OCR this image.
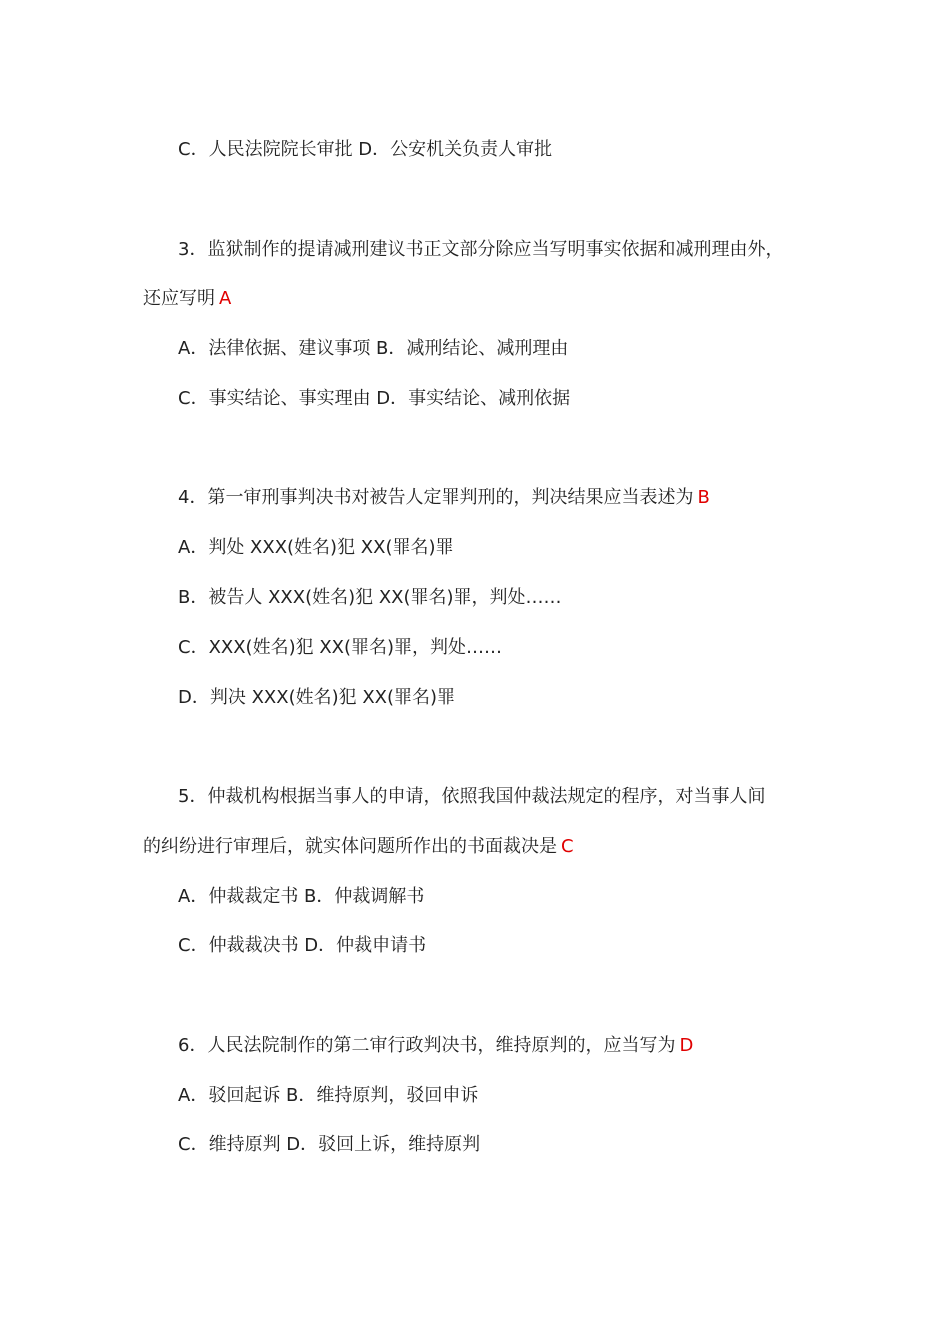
C．人民法院院长审批 D．公安机关负责人审批
3．监狱制作的提请减刑建议书正文部分除应当写明事实依据和减刑理由外，
还应写明 A
A．法律依据、建议事项 B．减刑结论、减刑理由
C．事实结论、事实理由 D．事实结论、减刑依据
4．第一审刑事判决书对被告人定罪判刑的，判决结果应当表述为 B
A．判处 XXX(姓名)犯 XX(罪名)罪
B．被告人 XXX(姓名)犯 XX(罪名)罪，判处……
C．XXX(姓名)犯 XX(罪名)罪，判处……
D．判决 XXX(姓名)犯 XX(罪名)罪
5．仲裁机构根据当事人的申请，依照我国仲裁法规定的程序，对当事人间
的纠纷进行审理后，就实体问题所作出的书面裁决是 C
A．仲裁裁定书 B．仲裁调解书
C．仲裁裁决书 D．仲裁申请书
6．人民法院制作的第二审行政判决书，维持原判的，应当写为 D
A．驳回起诉 B．维持原判，驳回申诉
C．维持原判 D．驳回上诉，维持原判
